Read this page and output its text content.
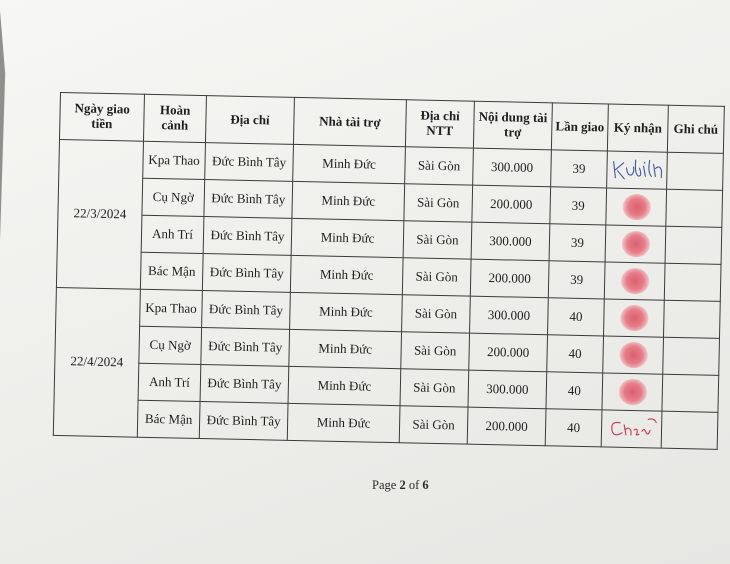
Ngày giao tiền	Hoàn cảnh	Địa chỉ	Nhà tài trợ	Địa chỉ NTT	Nội dung tài trợ	Lần giao	Ký nhận	Ghi chú
22/3/2024	Kpa Thao	Đức Bình Tây	Minh Đức	Sài Gòn	300.000	39	

	Cụ Ngờ	Đức Bình Tây	Minh Đức	Sài Gòn	200.000	39	

	Anh Trí	Đức Bình Tây	Minh Đức	Sài Gòn	300.000	39	

	Bác Mận	Đức Bình Tây	Minh Đức	Sài Gòn	200.000	39	

22/4/2024	Kpa Thao	Đức Bình Tây	Minh Đức	Sài Gòn	300.000	40	

	Cụ Ngờ	Đức Bình Tây	Minh Đức	Sài Gòn	200.000	40	

	Anh Trí	Đức Bình Tây	Minh Đức	Sài Gòn	300.000	40	

	Bác Mận	Đức Bình Tây	Minh Đức	Sài Gòn	200.000	40	

Page 2 of 6
